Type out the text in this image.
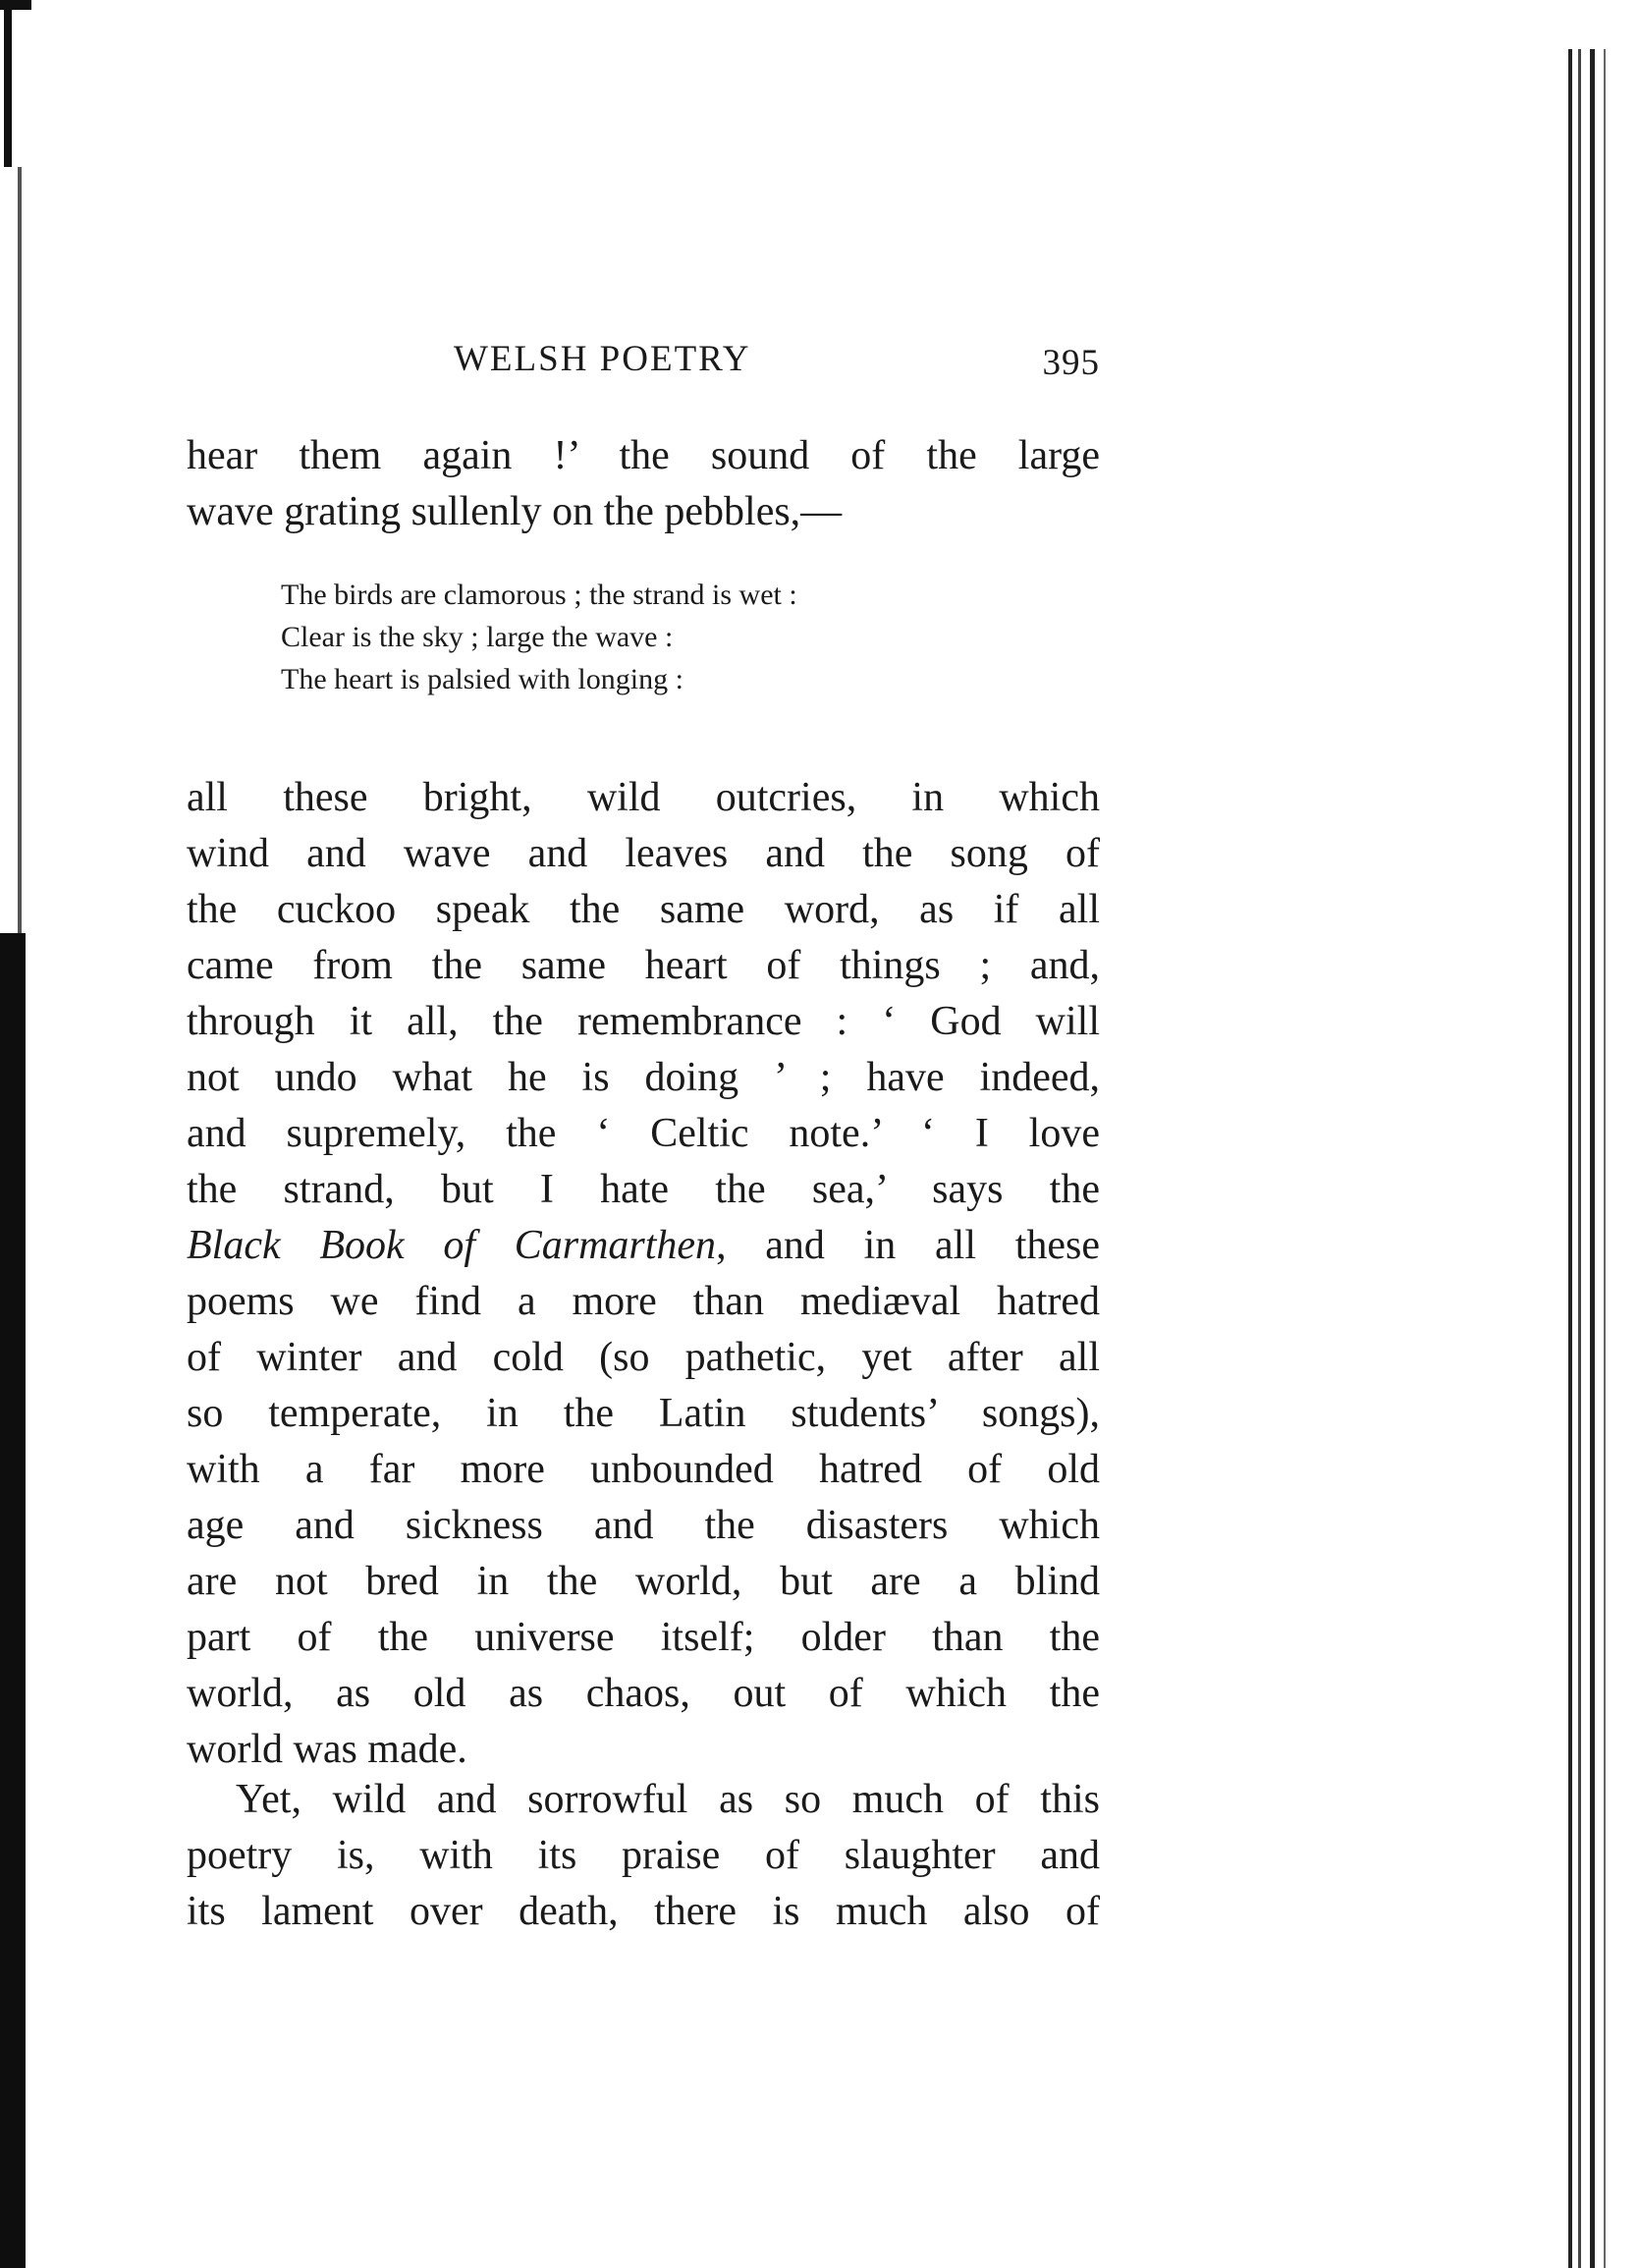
WELSH POETRY	395
hear them again !’ the sound of the large
wave grating sullenly on the pebbles,—
The birds are clamorous ; the strand is wet :
Clear is the sky ; large the wave :
The heart is palsied with longing :
all these bright, wild outcries, in which
wind and wave and leaves and the song of
the cuckoo speak the same word, as if all
came from the same heart of things ; and,
through it all, the remembrance : ‘ God will
not undo what he is doing ’ ; have indeed,
and supremely, the ‘ Celtic note.’ ‘ I love
the strand, but I hate the sea,’ says the
Black Book of Carmarthen, and in all these
poems we find a more than mediæval hatred
of winter and cold (so pathetic, yet after all
so temperate, in the Latin students’ songs),
with a far more unbounded hatred of old
age and sickness and the disasters which
are not bred in the world, but are a blind
part of the universe itself; older than the
world, as old as chaos, out of which the
world was made.
Yet, wild and sorrowful as so much of this
poetry is, with its praise of slaughter and
its lament over death, there is much also of
